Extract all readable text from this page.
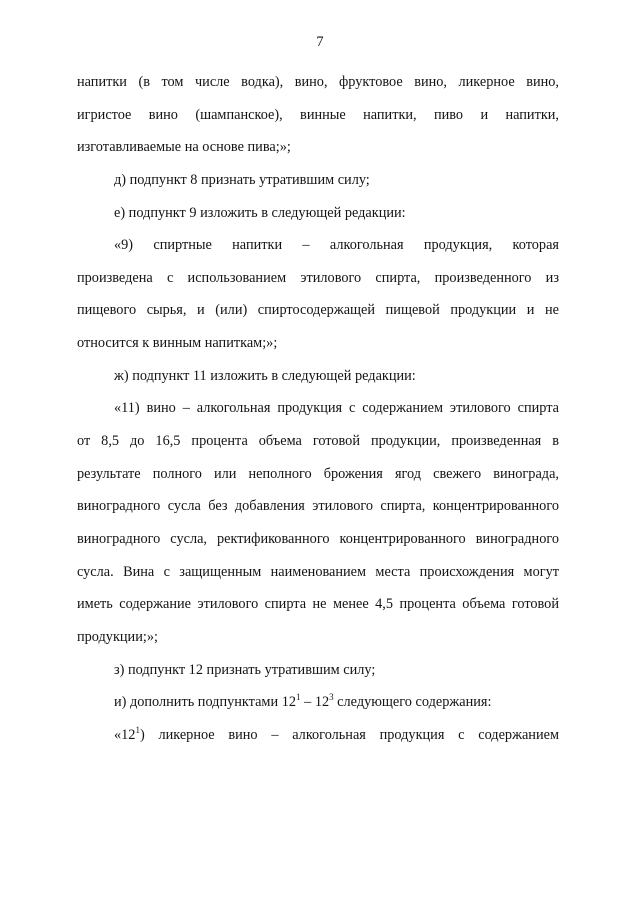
7
напитки (в том числе водка), вино, фруктовое вино, ликерное вино,
игристое вино (шампанское), винные напитки, пиво и напитки,
изготавливаемые на основе пива;»;
д) подпункт 8 признать утратившим силу;
е) подпункт 9 изложить в следующей редакции:
«9) спиртные напитки – алкогольная продукция, которая
произведена с использованием этилового спирта, произведенного из
пищевого сырья, и (или) спиртосодержащей пищевой продукции и не
относится к винным напиткам;»;
ж) подпункт 11 изложить в следующей редакции:
«11) вино – алкогольная продукция с содержанием этилового спирта
от 8,5 до 16,5 процента объема готовой продукции, произведенная в
результате полного или неполного брожения ягод свежего винограда,
виноградного сусла без добавления этилового спирта, концентрированного
виноградного сусла, ректификованного концентрированного виноградного
сусла. Вина с защищенным наименованием места происхождения могут
иметь содержание этилового спирта не менее 4,5 процента объема готовой
продукции;»;
з) подпункт 12 признать утратившим силу;
и) дополнить подпунктами $12^1 - 12^3$ следующего содержания:
«$12^1$) ликерное вино – алкогольная продукция с содержанием
